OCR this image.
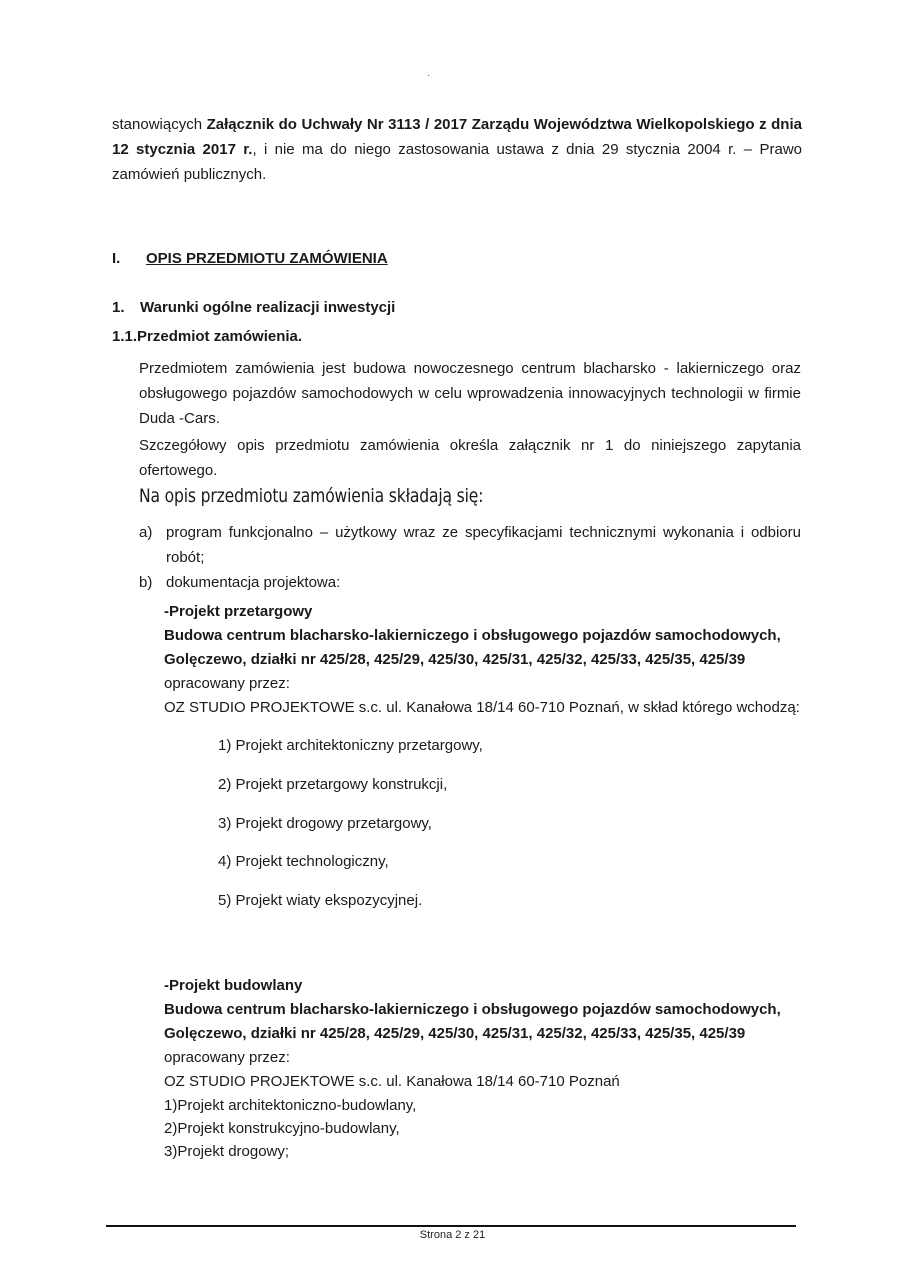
·
stanowiących Załącznik do Uchwały Nr 3113 / 2017 Zarządu Województwa Wielkopolskiego z dnia 12 stycznia 2017 r., i nie ma do niego zastosowania ustawa z dnia 29 stycznia 2004 r. – Prawo zamówień publicznych.
I. OPIS PRZEDMIOTU ZAMÓWIENIA
1. Warunki ogólne realizacji inwestycji
1.1.Przedmiot zamówienia.
Przedmiotem zamówienia jest budowa nowoczesnego centrum blacharsko - lakierniczego oraz obsługowego pojazdów samochodowych w celu wprowadzenia innowacyjnych technologii w firmie Duda -Cars.
Szczegółowy opis przedmiotu zamówienia określa załącznik nr 1 do niniejszego zapytania ofertowego.
Na opis przedmiotu zamówienia składają się:
a) program funkcjonalno – użytkowy wraz ze specyfikacjami technicznymi wykonania i odbioru robót;
b) dokumentacja projektowa:
-Projekt przetargowy
Budowa centrum blacharsko-lakierniczego i obsługowego pojazdów samochodowych, Golęczewo, działki nr 425/28, 425/29, 425/30, 425/31, 425/32, 425/33, 425/35, 425/39
opracowany przez:
OZ STUDIO PROJEKTOWE s.c. ul. Kanałowa 18/14 60-710 Poznań, w skład którego wchodzą:
1) Projekt architektoniczny przetargowy,
2) Projekt przetargowy konstrukcji,
3) Projekt drogowy przetargowy,
4) Projekt technologiczny,
5) Projekt wiaty ekspozycyjnej.
-Projekt budowlany
Budowa centrum blacharsko-lakierniczego i obsługowego pojazdów samochodowych, Golęczewo, działki nr 425/28, 425/29, 425/30, 425/31, 425/32, 425/33, 425/35, 425/39
opracowany przez:
OZ STUDIO PROJEKTOWE s.c. ul. Kanałowa 18/14 60-710 Poznań
1)Projekt architektoniczno-budowlany,
2)Projekt konstrukcyjno-budowlany,
3)Projekt drogowy;
Strona 2 z 21
